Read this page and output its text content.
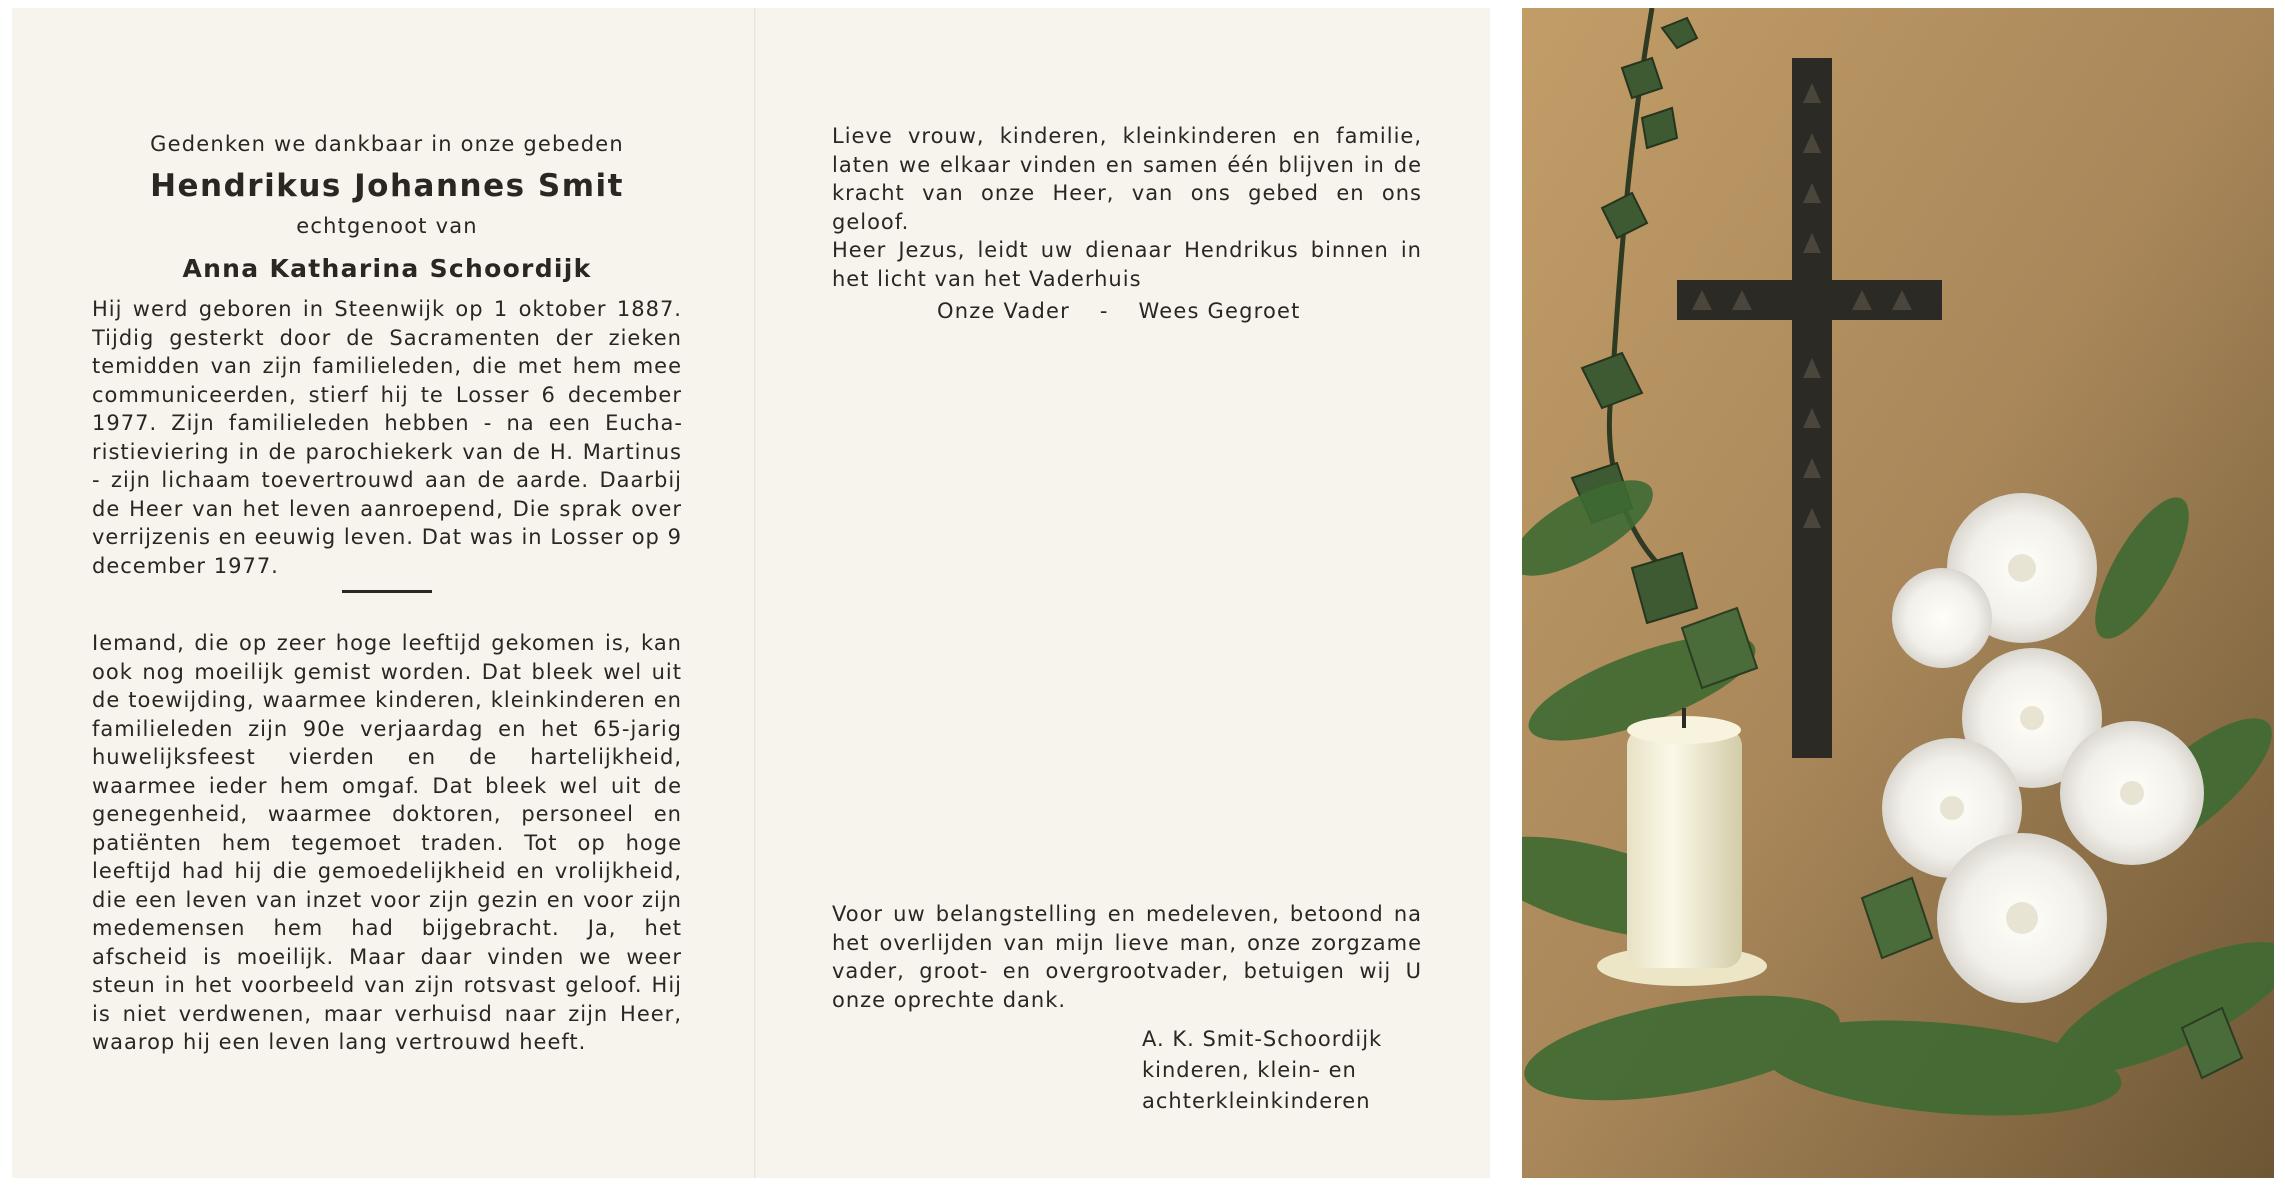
Gedenken we dankbaar in onze gebeden
Hendrikus Johannes Smit
echtgenoot van
Anna Katharina Schoordijk

Hij werd geboren in Steenwijk op 1 oktober 1887. Tijdig gesterkt door de Sacramenten der zieken temidden van zijn familieleden, die met hem mee communiceerden, stierf hij te Losser 6 december 1977. Zijn familieleden hebben - na een Eucharistieviering in de parochiekerk van de H. Martinus - zijn lichaam toevertrouwd aan de aarde. Daarbij de Heer van het leven aanroepend, Die sprak over verrijzenis en eeuwig leven. Dat was in Losser op 9 december 1977.

Iemand, die op zeer hoge leeftijd gekomen is, kan ook nog moeilijk gemist worden. Dat bleek wel uit de toewijding, waarmee kinderen, kleinkinderen en familieleden zijn 90e verjaardag en het 65-jarig huwelijksfeest vierden en de hartelijkheid, waarmee ieder hem omgaf. Dat bleek wel uit de genegenheid, waarmee doktoren, personeel en patiënten hem tegemoet traden. Tot op hoge leeftijd had hij die gemoedelijkheid en vrolijkheid, die een leven van inzet voor zijn gezin en voor zijn medemensen hem had bijgebracht. Ja, het afscheid is moeilijk. Maar daar vinden we weer steun in het voorbeeld van zijn rotsvast geloof. Hij is niet verdwenen, maar verhuisd naar zijn Heer, waarop hij een leven lang vertrouwd heeft.

Lieve vrouw, kinderen, kleinkinderen en familie, laten we elkaar vinden en samen één blijven in de kracht van onze Heer, van ons gebed en ons geloof.

Heer Jezus, leidt uw dienaar Hendrikus binnen in het licht van het Vaderhuis

Onze Vader - Wees Gegroet

Voor uw belangstelling en medeleven, betoond na het overlijden van mijn lieve man, onze zorgzame vader, groot- en overgrootvader, betuigen wij U onze oprechte dank.

A. K. Smit-Schoordijk
kinderen, klein- en
achterkleinkinderen
